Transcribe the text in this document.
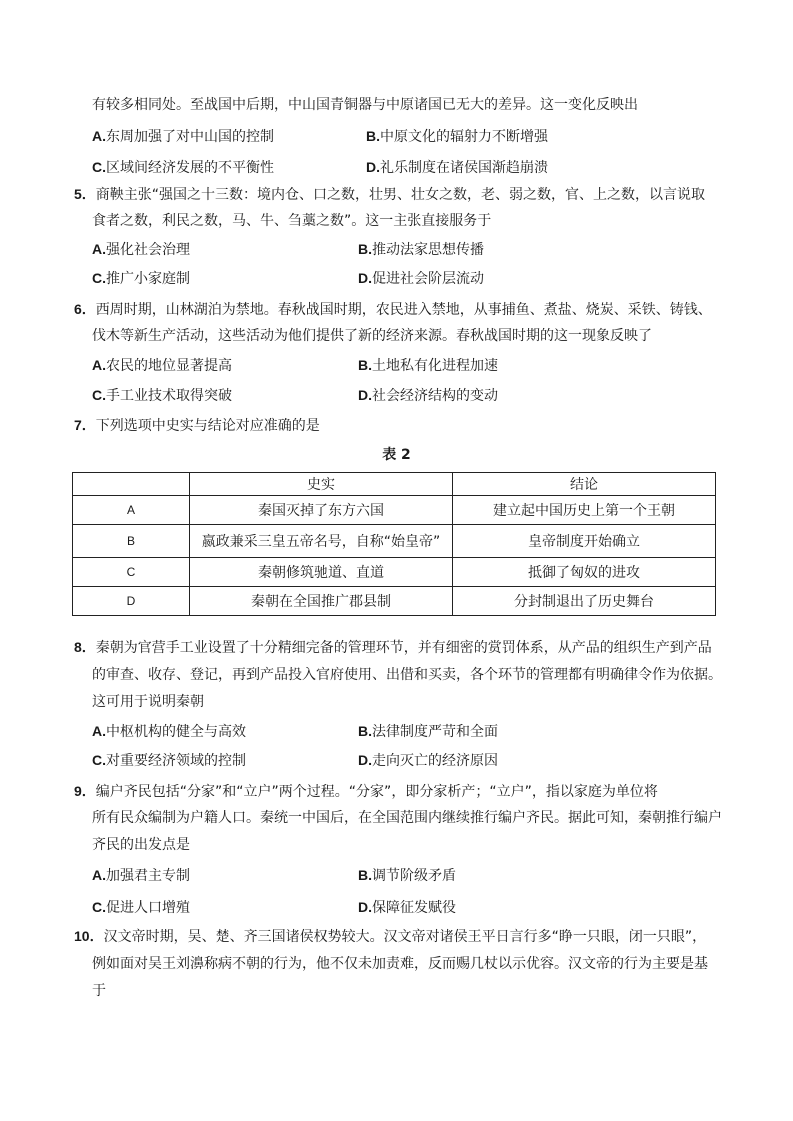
有较多相同处。至战国中后期，中山国青铜器与中原诸国已无大的差异。这一变化反映出
A.东周加强了对中山国的控制	B.中原文化的辐射力不断增强
C.区域间经济发展的不平衡性	D.礼乐制度在诸侯国渐趋崩溃
5．商鞅主张“强国之十三数：境内仓、口之数，壮男、壮女之数，老、弱之数，官、上之数，以言说取
食者之数，利民之数，马、牛、刍藁之数”。这一主张直接服务于
A.强化社会治理	B.推动法家思想传播
C.推广小家庭制	D.促进社会阶层流动
6．西周时期，山林湖泊为禁地。春秋战国时期，农民进入禁地，从事捕鱼、煮盐、烧炭、采铁、铸钱、
伐木等新生产活动，这些活动为他们提供了新的经济来源。春秋战国时期的这一现象反映了
A.农民的地位显著提高	B.土地私有化进程加速
C.手工业技术取得突破	D.社会经济结构的变动
7．下列选项中史实与结论对应准确的是
表 2
	史实	结论
A	秦国灭掉了东方六国	建立起中国历史上第一个王朝
B	嬴政兼采三皇五帝名号，自称“始皇帝”	皇帝制度开始确立
C	秦朝修筑驰道、直道	抵御了匈奴的进攻
D	秦朝在全国推广郡县制	分封制退出了历史舞台
8．秦朝为官营手工业设置了十分精细完备的管理环节，并有细密的赏罚体系，从产品的组织生产到产品
的审查、收存、登记，再到产品投入官府使用、出借和买卖，各个环节的管理都有明确律令作为依据。
这可用于说明秦朝
A.中枢机构的健全与高效	B.法律制度严苛和全面
C.对重要经济领域的控制	D.走向灭亡的经济原因
9．编户齐民包括“分家”和“立户”两个过程。“分家”，即分家析产；“立户”，指以家庭为单位将
所有民众编制为户籍人口。秦统一中国后，在全国范围内继续推行编户齐民。据此可知，秦朝推行编户
齐民的出发点是
A.加强君主专制	B.调节阶级矛盾
C.促进人口增殖	D.保障征发赋役
10．汉文帝时期，吴、楚、齐三国诸侯权势较大。汉文帝对诸侯王平日言行多“睁一只眼，闭一只眼”，
例如面对吴王刘濞称病不朝的行为，他不仅未加责难，反而赐几杖以示优容。汉文帝的行为主要是基
于
